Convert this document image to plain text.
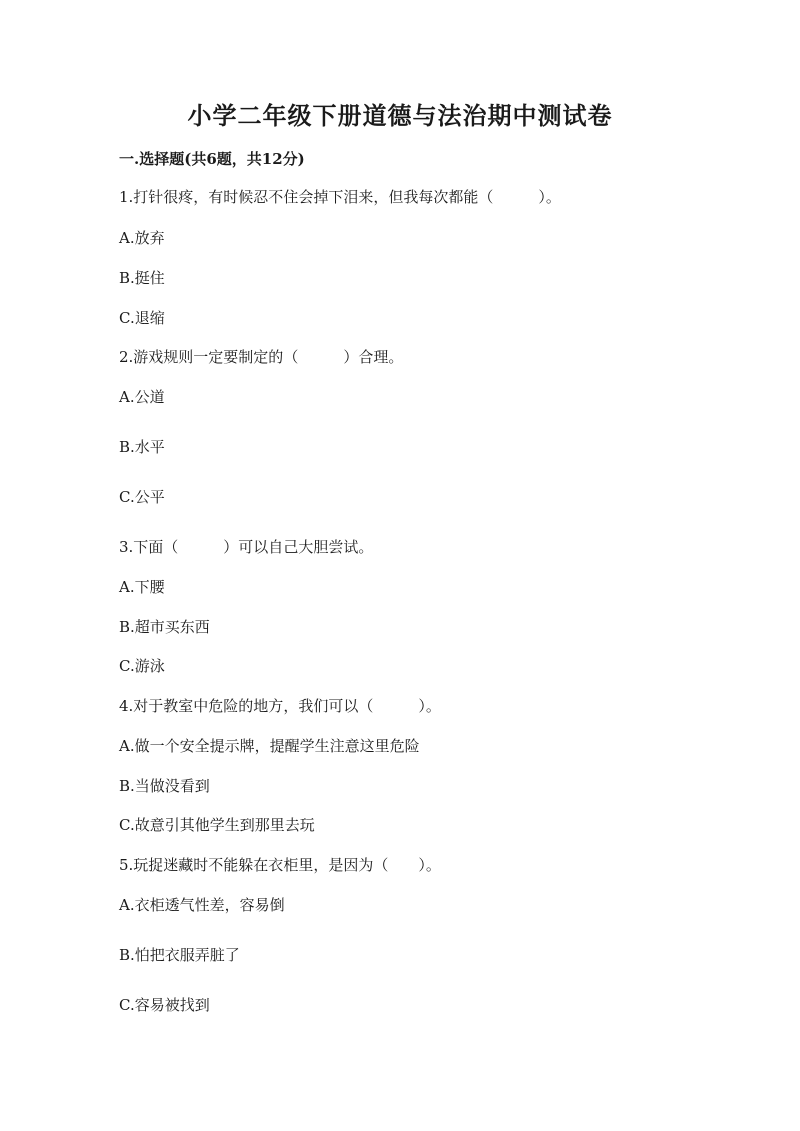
小学二年级下册道德与法治期中测试卷
一.选择题(共6题，共12分)
1.打针很疼，有时候忍不住会掉下泪来，但我每次都能（　　　）。
A.放弃
B.挺住
C.退缩
2.游戏规则一定要制定的（　　　）合理。
A.公道
B.水平
C.公平
3.下面（　　　）可以自己大胆尝试。
A.下腰
B.超市买东西
C.游泳
4.对于教室中危险的地方，我们可以（　　　）。
A.做一个安全提示牌，提醒学生注意这里危险
B.当做没看到
C.故意引其他学生到那里去玩
5.玩捉迷藏时不能躲在衣柜里，是因为（　　）。
A.衣柜透气性差，容易倒
B.怕把衣服弄脏了
C.容易被找到
